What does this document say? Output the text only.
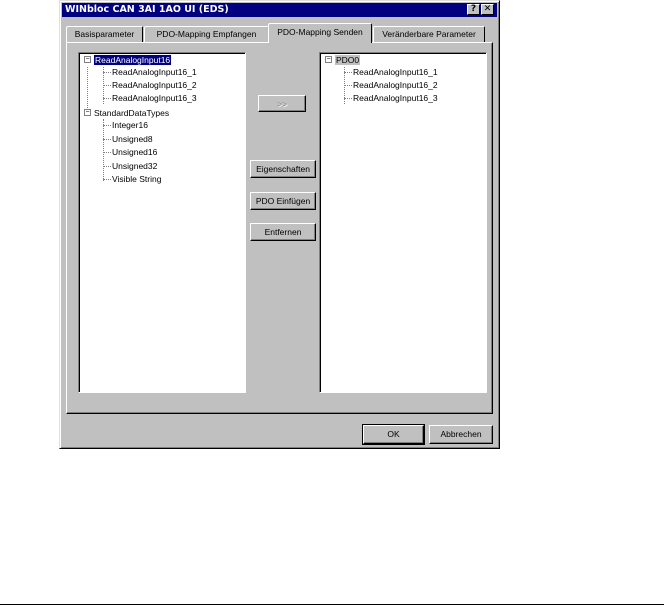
WINbloc CAN 3AI 1AO UI (EDS)	? ✕
Basisparameter	PDO-Mapping Empfangen	PDO-Mapping Senden	Veränderbare Parameter
− ReadAnalogInput16
ReadAnalogInput16_1
ReadAnalogInput16_2
ReadAnalogInput16_3
− StandardDataTypes
Integer16
Unsigned8
Unsigned16
Unsigned32
Visible String
>>
Eigenschaften
PDO Einfügen
Entfernen
− PDO0
ReadAnalogInput16_1
ReadAnalogInput16_2
ReadAnalogInput16_3
OK	Abbrechen
